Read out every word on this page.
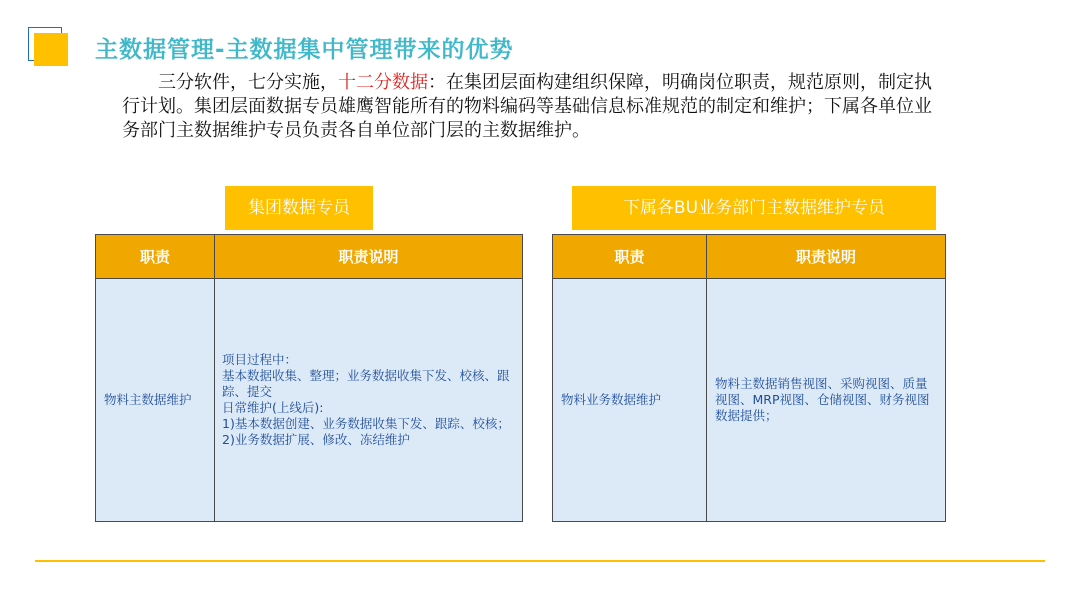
主数据管理-主数据集中管理带来的优势
三分软件，七分实施，十二分数据：在集团层面构建组织保障，明确岗位职责，规范原则，制定执行计划。集团层面数据专员雄鹰智能所有的物料编码等基础信息标准规范的制定和维护；下属各单位业务部门主数据维护专员负责各自单位部门层的主数据维护。
集团数据专员
职责	职责说明
物料主数据维护	项目过程中：
基本数据收集、整理；业务数据收集下发、校核、跟踪、提交
日常维护(上线后):
1)基本数据创建、业务数据收集下发、跟踪、校核；
2)业务数据扩展、修改、冻结维护
下属各BU业务部门主数据维护专员
职责	职责说明
物料业务数据维护	物料主数据销售视图、采购视图、质量视图、MRP视图、仓储视图、财务视图数据提供；
